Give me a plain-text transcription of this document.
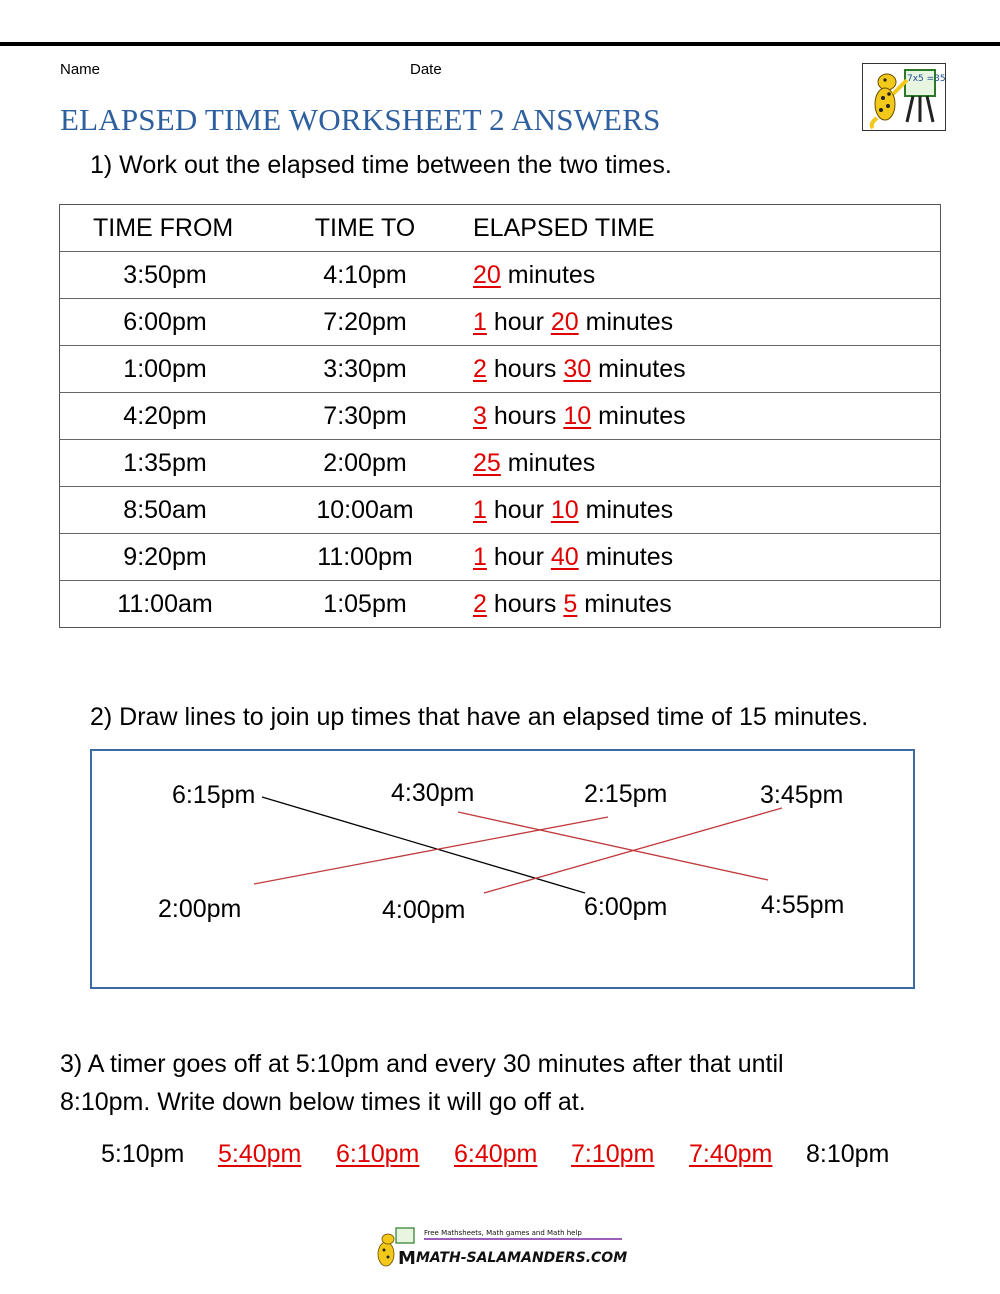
Name	Date
7x5 =35
ELAPSED TIME WORKSHEET 2 ANSWERS
1) Work out the elapsed time between the two times.
TIME FROM	TIME TO	ELAPSED TIME
3:50pm	4:10pm	20 minutes
6:00pm	7:20pm	1 hour 20 minutes
1:00pm	3:30pm	2 hours 30 minutes
4:20pm	7:30pm	3 hours 10 minutes
1:35pm	2:00pm	25 minutes
8:50am	10:00am	1 hour 10 minutes
9:20pm	11:00pm	1 hour 40 minutes
11:00am	1:05pm	2 hours 5 minutes
2) Draw lines to join up times that have an elapsed time of 15 minutes.
6:15pm	4:30pm	2:15pm	3:45pm
2:00pm	4:00pm	6:00pm	4:55pm
3) A timer goes off at 5:10pm and every 30 minutes after that until
8:10pm. Write down below times it will go off at.
5:10pm 5:40pm 6:10pm 6:40pm 7:10pm 7:40pm 8:10pm
M
Free Mathsheets, Math games and Math help
MATH-SALAMANDERS.COM
